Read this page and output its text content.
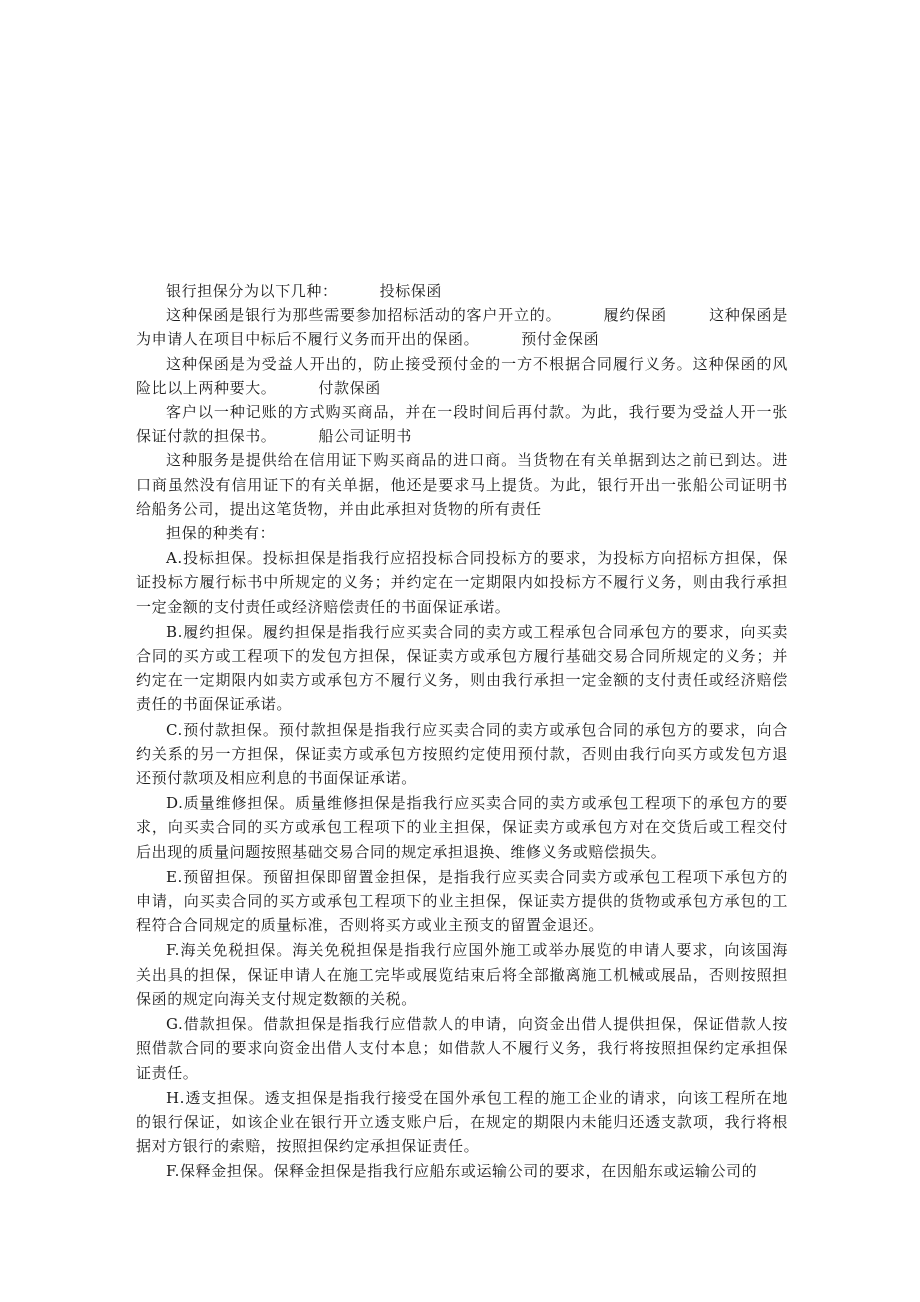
银行担保分为以下几种：	投标保函

这种保函是银行为那些需要参加招标活动的客户开立的。	履约保函	这种保函是为申请人在项目中标后不履行义务而开出的保函。	预付金保函

这种保函是为受益人开出的，防止接受预付金的一方不根据合同履行义务。这种保函的风险比以上两种要大。	付款保函

客户以一种记账的方式购买商品，并在一段时间后再付款。为此，我行要为受益人开一张保证付款的担保书。	船公司证明书

这种服务是提供给在信用证下购买商品的进口商。当货物在有关单据到达之前已到达。进口商虽然没有信用证下的有关单据，他还是要求马上提货。为此，银行开出一张船公司证明书给船务公司，提出这笔货物，并由此承担对货物的所有责任

担保的种类有：

A.投标担保。投标担保是指我行应招投标合同投标方的要求，为投标方向招标方担保，保证投标方履行标书中所规定的义务；并约定在一定期限内如投标方不履行义务，则由我行承担一定金额的支付责任或经济赔偿责任的书面保证承诺。

B.履约担保。履约担保是指我行应买卖合同的卖方或工程承包合同承包方的要求，向买卖合同的买方或工程项下的发包方担保，保证卖方或承包方履行基础交易合同所规定的义务；并约定在一定期限内如卖方或承包方不履行义务，则由我行承担一定金额的支付责任或经济赔偿责任的书面保证承诺。

C.预付款担保。预付款担保是指我行应买卖合同的卖方或承包合同的承包方的要求，向合约关系的另一方担保，保证卖方或承包方按照约定使用预付款，否则由我行向买方或发包方退还预付款项及相应利息的书面保证承诺。

D.质量维修担保。质量维修担保是指我行应买卖合同的卖方或承包工程项下的承包方的要求，向买卖合同的买方或承包工程项下的业主担保，保证卖方或承包方对在交货后或工程交付后出现的质量问题按照基础交易合同的规定承担退换、维修义务或赔偿损失。

E.预留担保。预留担保即留置金担保，是指我行应买卖合同卖方或承包工程项下承包方的申请，向买卖合同的买方或承包工程项下的业主担保，保证卖方提供的货物或承包方承包的工程符合合同规定的质量标准，否则将买方或业主预支的留置金退还。

F.海关免税担保。海关免税担保是指我行应国外施工或举办展览的申请人要求，向该国海关出具的担保，保证申请人在施工完毕或展览结束后将全部撤离施工机械或展品，否则按照担保函的规定向海关支付规定数额的关税。

G.借款担保。借款担保是指我行应借款人的申请，向资金出借人提供担保，保证借款人按照借款合同的要求向资金出借人支付本息；如借款人不履行义务，我行将按照担保约定承担保证责任。

H.透支担保。透支担保是指我行接受在国外承包工程的施工企业的请求，向该工程所在地的银行保证，如该企业在银行开立透支账户后，在规定的期限内未能归还透支款项，我行将根据对方银行的索赔，按照担保约定承担保证责任。

F.保释金担保。保释金担保是指我行应船东或运输公司的要求，在因船东或运输公司的
